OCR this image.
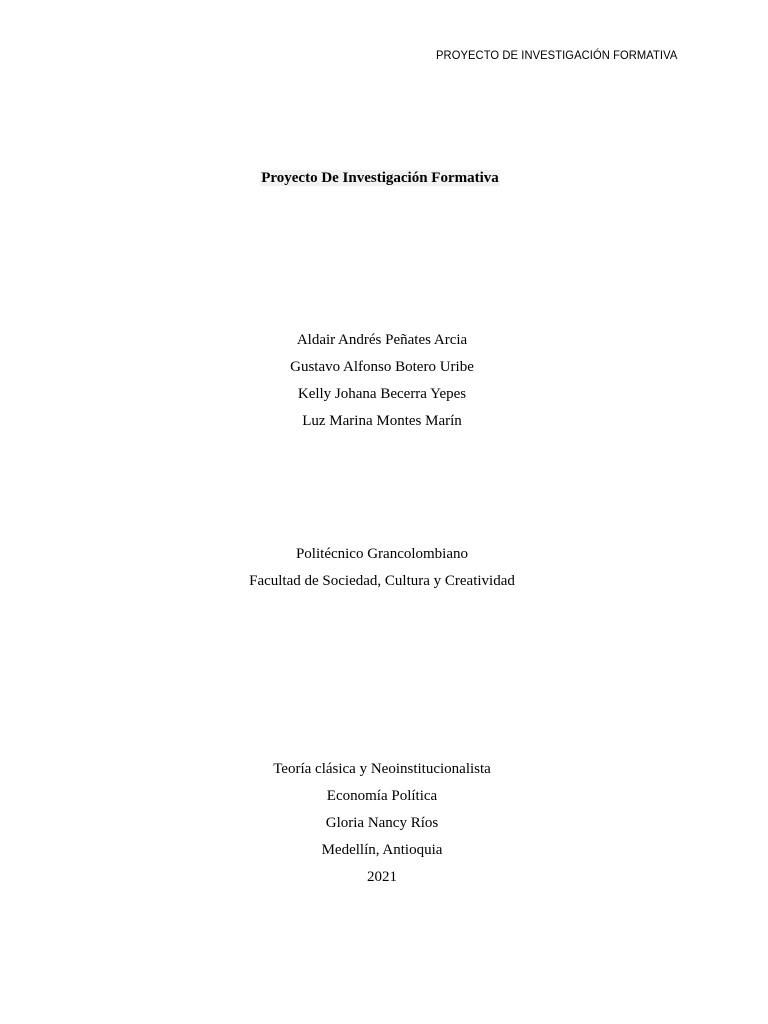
PROYECTO DE INVESTIGACIÓN FORMATIVA
Proyecto De Investigación Formativa
Aldair Andrés Peñates Arcia
Gustavo Alfonso Botero Uribe
Kelly Johana Becerra Yepes
Luz Marina Montes Marín
Politécnico Grancolombiano
Facultad de Sociedad, Cultura y Creatividad
Teoría clásica y Neoinstitucionalista
Economía Política
Gloria Nancy Ríos
Medellín, Antioquia
2021
